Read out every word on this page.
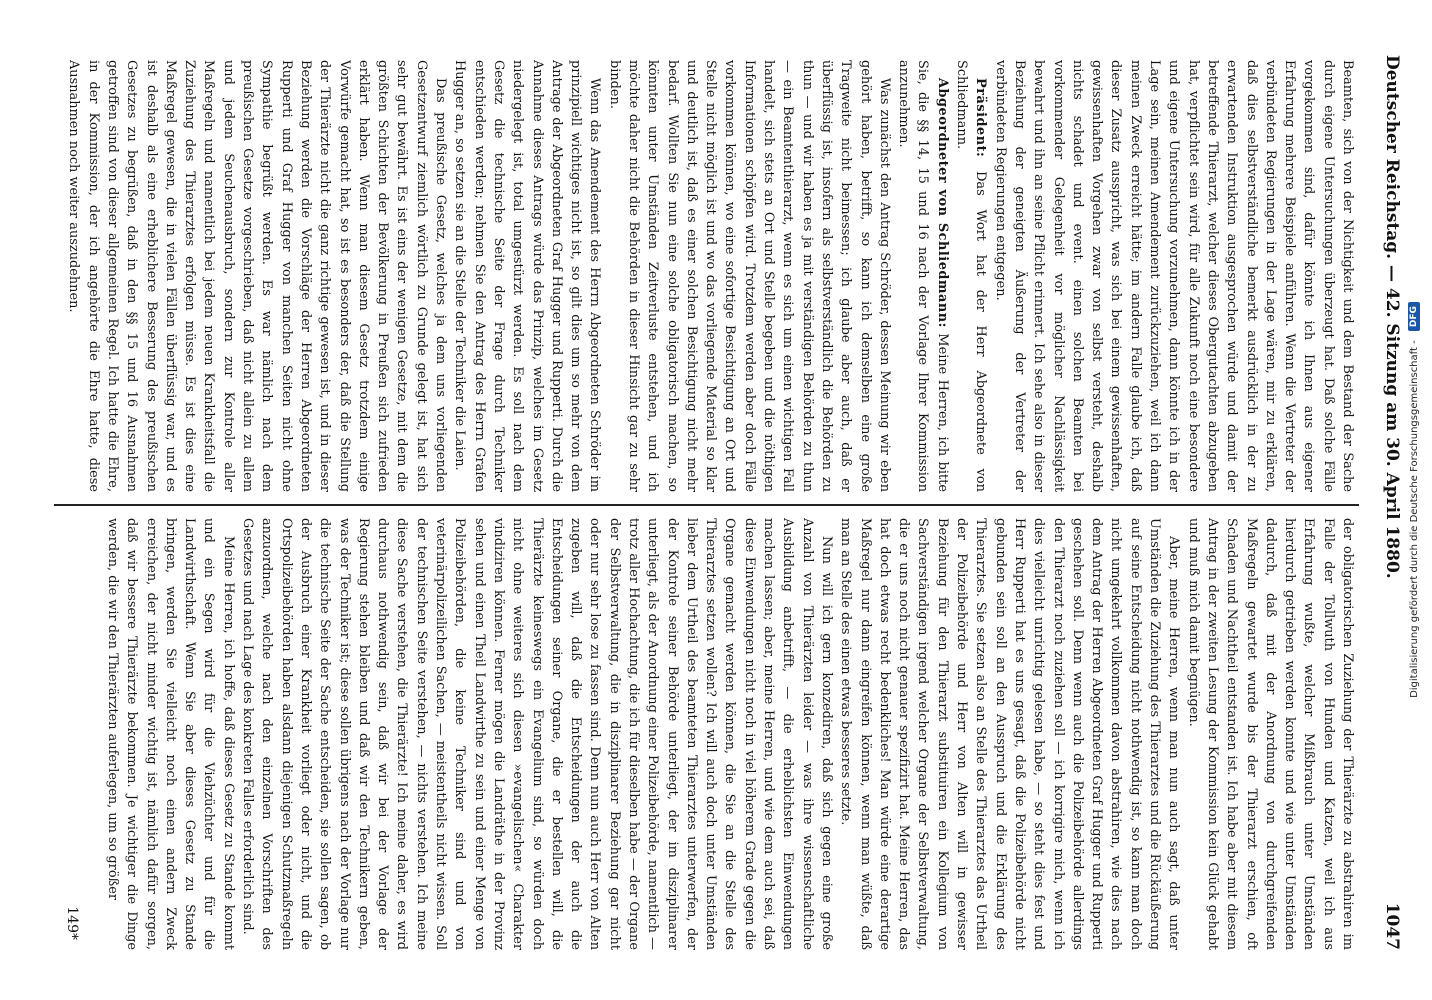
Deutscher Reichstag. — 42. Sitzung am 30. April 1880.
1047

Beamten, sich von der Nichtigkeit und dem Bestand der Sache durch eigene Untersuchungen überzeugt hat. Daß solche Fälle vorgekommen sind, dafür könnte ich Ihnen aus eigener Erfahrung mehrere Beispiele anführen. Wenn die Vertreter der verbündeten Regierungen in der Lage wären, mir zu erklären, daß dies selbstverständliche bemerkt ausdrücklich in der zu erwartenden Instruktion ausgesprochen würde und damit der betreffende Thierarzt, welcher dieses Obergutachten abzugeben hat, verpflichtet sein wird, für alle Zukunft noch eine besondere und eigene Untersuchung vorzunehmen, dann könnte ich in der Lage sein, meinen Amendement zurückzuziehen, weil ich dann meinen Zweck erreicht hätte; im andern Falle glaube ich, daß dieser Zusatz ausspricht, was sich bei einem gewissenhaften, gewissenhaften Vorgehen zwar von selbst versteht, deshalb nichts schadet und event. einen solchen Beamten bei vorkommender Gelegenheit vor möglicher Nachlässigkeit bewahrt und ihn an seine Pflicht erinnert. Ich sehe also in dieser Beziehung der geneigten Äußerung der Vertreter der verbündeten Regierungen entgegen.

Präsident: Das Wort hat der Herr Abgeordnete von Schliedmann.

Abgeordneter von Schliedmann: Meine Herren, ich bitte Sie, die §§ 14, 15 und 16 nach der Vorlage Ihrer Kommission anzunehmen.

Was zunächst den Antrag Schröder, dessen Meinung wir eben gehört haben, betrifft, so kann ich demselben eine große Tragweite nicht beimessen; ich glaube aber auch, daß er überflüssig ist, insofern als selbstverständlich die Behörden zu thun — und wir haben es ja mit verständigen Behörden zu thun — ein Beamtenthierarzt, wenn es sich um einen wichtigen Fall handelt, sich stets an Ort und Stelle begeben und die nöthigen Informationen schöpfen wird. Trotzdem werden aber doch Fälle vorkommen können, wo eine sofortige Besichtigung an Ort und Stelle nicht möglich ist und wo das vorliegende Material so klar und deutlich ist, daß es einer solchen Besichtigung nicht mehr bedarf. Wollten Sie nun eine solche obligatorisch machen, so könnten unter Umständen Zeitverluste entstehen, und ich möchte daher nicht die Behörden in dieser Hinsicht gar zu sehr binden.

Wenn das Amendement des Herrn Abgeordneten Schröder im prinzipiell wichtiges nicht ist, so gilt dies um so mehr von dem Antrage der Abgeordneten Graf Hugger und Rupperti. Durch die Annahme dieses Antrags würde das Prinzip, welches im Gesetz niedergelegt ist, total umgestürzt werden. Es soll nach dem Gesetz die technische Seite der Frage durch Techniker entschieden werden; nehmen Sie den Antrag des Herrn Grafen Hugger an, so setzen sie an die Stelle der Techniker die Laien.

Das preußische Gesetz, welches ja dem uns vorliegenden Gesetzentwurf ziemlich wörtlich zu Grunde gelegt ist, hat sich sehr gut bewährt. Es ist eins der wenigen Gesetze, mit dem die größten Schichten der Bevölkerung in Preußen sich zufrieden erklärt haben. Wenn man diesem Gesetz trotzdem einige Vorwürfe gemacht hat, so ist es besonders der, daß die Stellung der Thierärzte nicht die ganz richtige gewesen ist, und in dieser Beziehung werden die Vorschläge der Herren Abgeordneten Rupperti und Graf Hugger von manchen Seiten nicht ohne Sympathie begrüßt werden. Es war nämlich nach dem preußischen Gesetze vorgeschrieben, daß nicht allein zu allem und jedem Seuchenausbruch, sondern zur Kontrole aller Maßregeln und namentlich bei jedem neuen Krankheitsfall die Zuziehung des Thierarztes erfolgen müsse. Es ist dies eine Maßregel gewesen, die in vielen Fällen überflüssig war, und es ist deshalb als eine erheblichere Besserung des preußischen Gesetzes zu begrüßen, daß in den §§ 15 und 16 Ausnahmen getroffen sind von dieser allgemeinen Regel. Ich hatte die Ehre, in der Kommission, der ich angehörte die Ehre hatte, diese Ausnahmen noch weiter auszudehnen.

der obligatorischen Zuziehung der Thierärzte zu abstrahiren im Falle der Tollwuth von Hunden und Katzen, weil ich aus Erfahrung wußte, welcher Mißbrauch unter Umständen hierdurch getrieben werden konnte und wie unter Umständen dadurch, daß mit der Anordnung von durchgreifenden Maßregeln gewartet wurde bis der Thierarzt erschien, oft Schaden und Nachtheil entstanden ist. Ich habe aber mit diesem Antrag in der zweiten Lesung der Kommission kein Glück gehabt und muß mich damit begnügen.

Aber, meine Herren, wenn man nun auch sagt, daß unter Umständen die Zuziehung des Thierarztes und die Rückäußerung auf seine Entscheidung nicht nothwendig ist, so kann man doch nicht umgekehrt vollkommen davon abstrahiren, wie dies nach dem Antrag der Herren Abgeordneten Graf Hugger und Rupperti geschehen soll. Denn wenn auch die Polizeibehörde allerdings den Thierarzt noch zuziehen soll — ich korrigire mich, wenn ich dies vielleicht unrichtig gelesen habe, — so steht dies fest und Herr Rupperti hat es uns gesagt, daß die Polizeibehörde nicht gebunden sein soll an den Ausspruch und die Erklärung des Thierarztes. Sie setzen also an Stelle des Thierarztes das Urtheil der Polizeibehörde und Herr von Alten will in gewisser Beziehung für den Thierarzt substituiren ein Kollegium von Sachverständigen irgend welcher Organe der Selbstverwaltung, die er uns noch nicht genauer spezifizirt hat. Meine Herren, das hat doch etwas recht bedenkliches! Man würde eine derartige Maßregel nur dann eingreifen können, wenn man wüßte, daß man an Stelle des einen etwas besseres setzte.

Nun will ich gern konzediren, daß sich gegen eine große Anzahl von Thierärzten leider — was ihre wissenschaftliche Ausbildung anbetrifft, — die erheblichsten Einwendungen machen lassen; aber, meine Herren, und wie dem auch sei, daß diese Einwendungen nicht noch in viel höherem Grade gegen die Organe gemacht werden können, die Sie an die Stelle des Thierarztes setzen wollen? Ich will auch doch unter Umständen lieber dem Urtheil des beamteten Thierarztes unterwerfen, der der Kontrole seiner Behörde unterliegt, der im disziplinarer unterliegt, als der Anordnung einer Polizeibehörde, namentlich — trotz aller Hochachtung, die ich für dieselben habe — der Organe der Selbstverwaltung, die in disziplinarer Beziehung gar nicht oder nur sehr lose zu fassen sind. Denn nun auch Herr von Alten zugeben will, daß die Entscheidungen der auch die Entscheidungen seiner Organe, die er bestellen will, die Thierärzte keineswegs ein Evangelium sind, so würden doch nicht ohne weiteres sich diesen »evangelischen« Charakter vindiziren können. Ferner mögen die Landräthe in der Provinz sehen und einen Theil Landwirthe zu sein und einer Menge von Polizeibehörden, die keine Techniker sind und von veterinärpolizeilichen Sachen, — meistentheils nicht wissen. Soll der technischen Seite verstehen, — nichts verstehen. Ich meine diese Sache verstehen, die Thierärzte! Ich meine daher, es wird durchaus nothwendig sein, daß wir bei der Vorlage der Regierung stehen bleiben und daß wir den Technikern geben, was der Techniker ist; diese sollen übrigens nach der Vorlage nur die technische Seite der Sache entscheiden, sie sollen sagen, ob der Ausbruch einer Krankheit vorliegt oder nicht, und die Ortspolizeibehörden haben alsdann diejenigen Schutzmaßregeln anzuordnen, welche nach den einzelnen Vorschriften des Gesetzes und nach Lage des konkreten Falles erforderlich sind.

Meine Herren, ich hoffe, daß dieses Gesetz zu Stande kommt und ein Segen wird für die Viehzüchter und für die Landwirthschaft. Wenn Sie aber dieses Gesetz zu Stande bringen, werden Sie vielleicht noch einen andern Zweck erreichen, der nicht minder wichtig ist, nämlich dafür sorgen, daß wir bessere Thierärzte bekommen. Je wichtiger die Dinge werden, die wir den Thierärzten auferlegen, um so größer

149*
Digitalisierung gefördert durch die Deutsche Forschungsgemeinschaft - DFG
